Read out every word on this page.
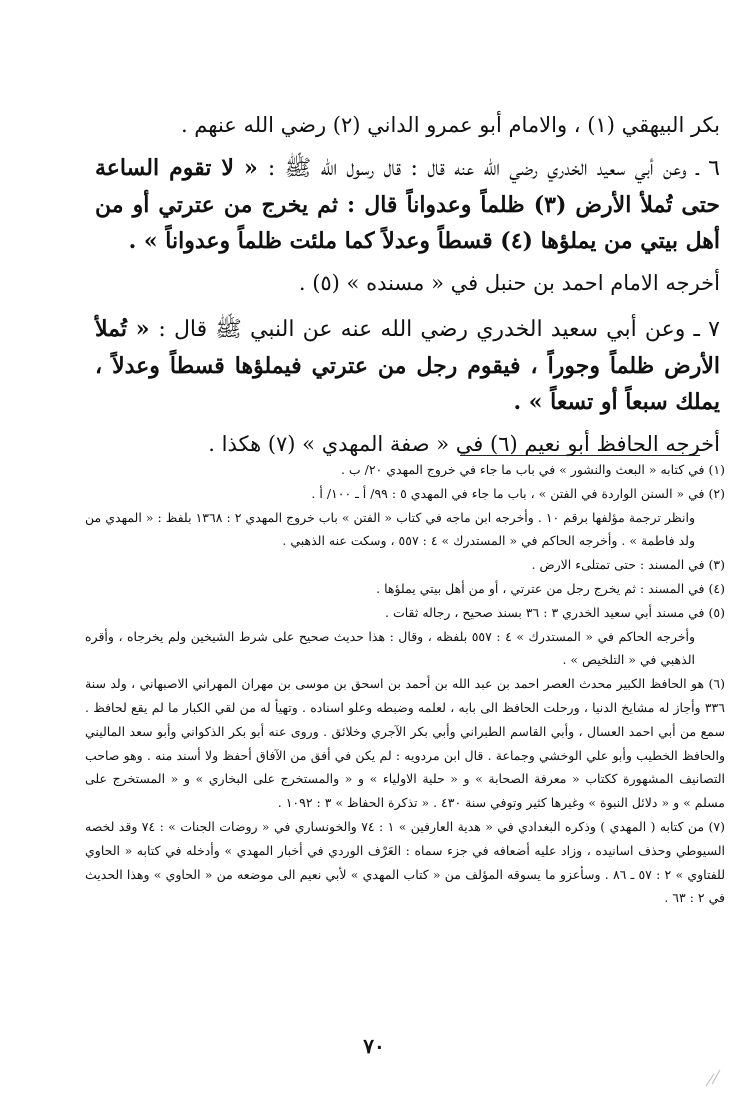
بكر البيهقي (١) ، والامام أبو عمرو الداني (٢) رضي الله عنهم .

٦ ـ وعن أبي سعيد الخدري رضي الله عنه قال : قال رسول الله ﷺ : « لا تقوم الساعة حتى تُملأ الأرض (٣) ظلماً وعدواناً قال : ثم يخرج من عترتي أو من أهل بيتي من يملؤها (٤) قسطاً وعدلاً كما ملئت ظلماً وعدواناً » .

أخرجه الامام احمد بن حنبل في « مسنده » (٥) .

٧ ـ وعن أبي سعيد الخدري رضي الله عنه عن النبي ﷺ قال : « تُملأ الأرض ظلماً وجوراً ، فيقوم رجل من عترتي فيملؤها قسطاً وعدلاً ، يملك سبعاً أو تسعاً » .

أخرجه الحافظ أبو نعيم (٦) في « صفة المهدي » (٧) هكذا .

(١) في كتابه « البعث والنشور » في باب ما جاء في خروج المهدي ٢٠/ ب .

(٢) في « السنن الواردة في الفتن » ، باب ما جاء في المهدي ٥ : ٩٩/ أ ـ ١٠٠/ أ .

وانظر ترجمة مؤلفها برقم ١٠ . وأخرجه ابن ماجه في كتاب « الفتن » باب خروج المهدي ٢ : ١٣٦٨ بلفظ : « المهدي من ولد فاطمة » . وأخرجه الحاكم في « المستدرك » ٤ : ٥٥٧ ، وسكت عنه الذهبي .

(٣) في المسند : حتى تمتلىء الارض .

(٤) في المسند : ثم يخرج رجل من عترتي ، أو من أهل بيتي يملؤها .

(٥) في مسند أبي سعيد الخدري ٣ : ٣٦ بسند صحيح ، رجاله ثقات .

وأخرجه الحاكم في « المستدرك » ٤ : ٥٥٧ بلفظه ، وقال : هذا حديث صحيح على شرط الشيخين ولم يخرجاه ، وأقره الذهبي في « التلخيص » .

(٦) هو الحافظ الكبير محدث العصر احمد بن عبد الله بن أحمد بن اسحق بن موسى بن مهران المهراني الاصبهاني ، ولد سنة ٣٣٦ وأجاز له مشايخ الدنيا ، ورحلت الحافظ الى بابه ، لعلمه وضبطه وعلو اسناده . وتهيأ له من لقي الكبار ما لم يقع لحافظ . سمع من أبي احمد العسال ، وأبي القاسم الطبراني وأبي بكر الآجري وخلائق . وروى عنه أبو بكر الذكواني وأبو سعد الماليني والحافظ الخطيب وأبو علي الوخشي وجماعة . قال ابن مردويه : لم يكن في أفق من الآفاق أحفظ ولا أسند منه . وهو صاحب التصانيف المشهورة ككتاب « معرفة الصحابة » و « حلية الاولياء » و « والمستخرج على البخاري » و « المستخرج على مسلم » و « دلائل النبوة » وغيرها كثير وتوفي سنة ٤٣٠ . « تذكرة الحفاظ » ٣ : ١٠٩٢ .

(٧) من كتابه ( المهدي ) وذكره البغدادي في « هدية العارفين » ١ : ٧٤ والخونساري في « روضات الجنات » : ٧٤ وقد لخصه السيوطي وحذف اسانيده ، وزاد عليه أضعافه في جزء سماه : العَرْف الوردي في أخبار المهدي » وأدخله في كتابه « الحاوي للفتاوي » ٢ : ٥٧ ـ ٨٦ . وسأعزو ما يسوقه المؤلف من « كتاب المهدي » لأبي نعيم الى موضعه من « الحاوي » وهذا الحديث في ٢ : ٦٣ .

٧٠
